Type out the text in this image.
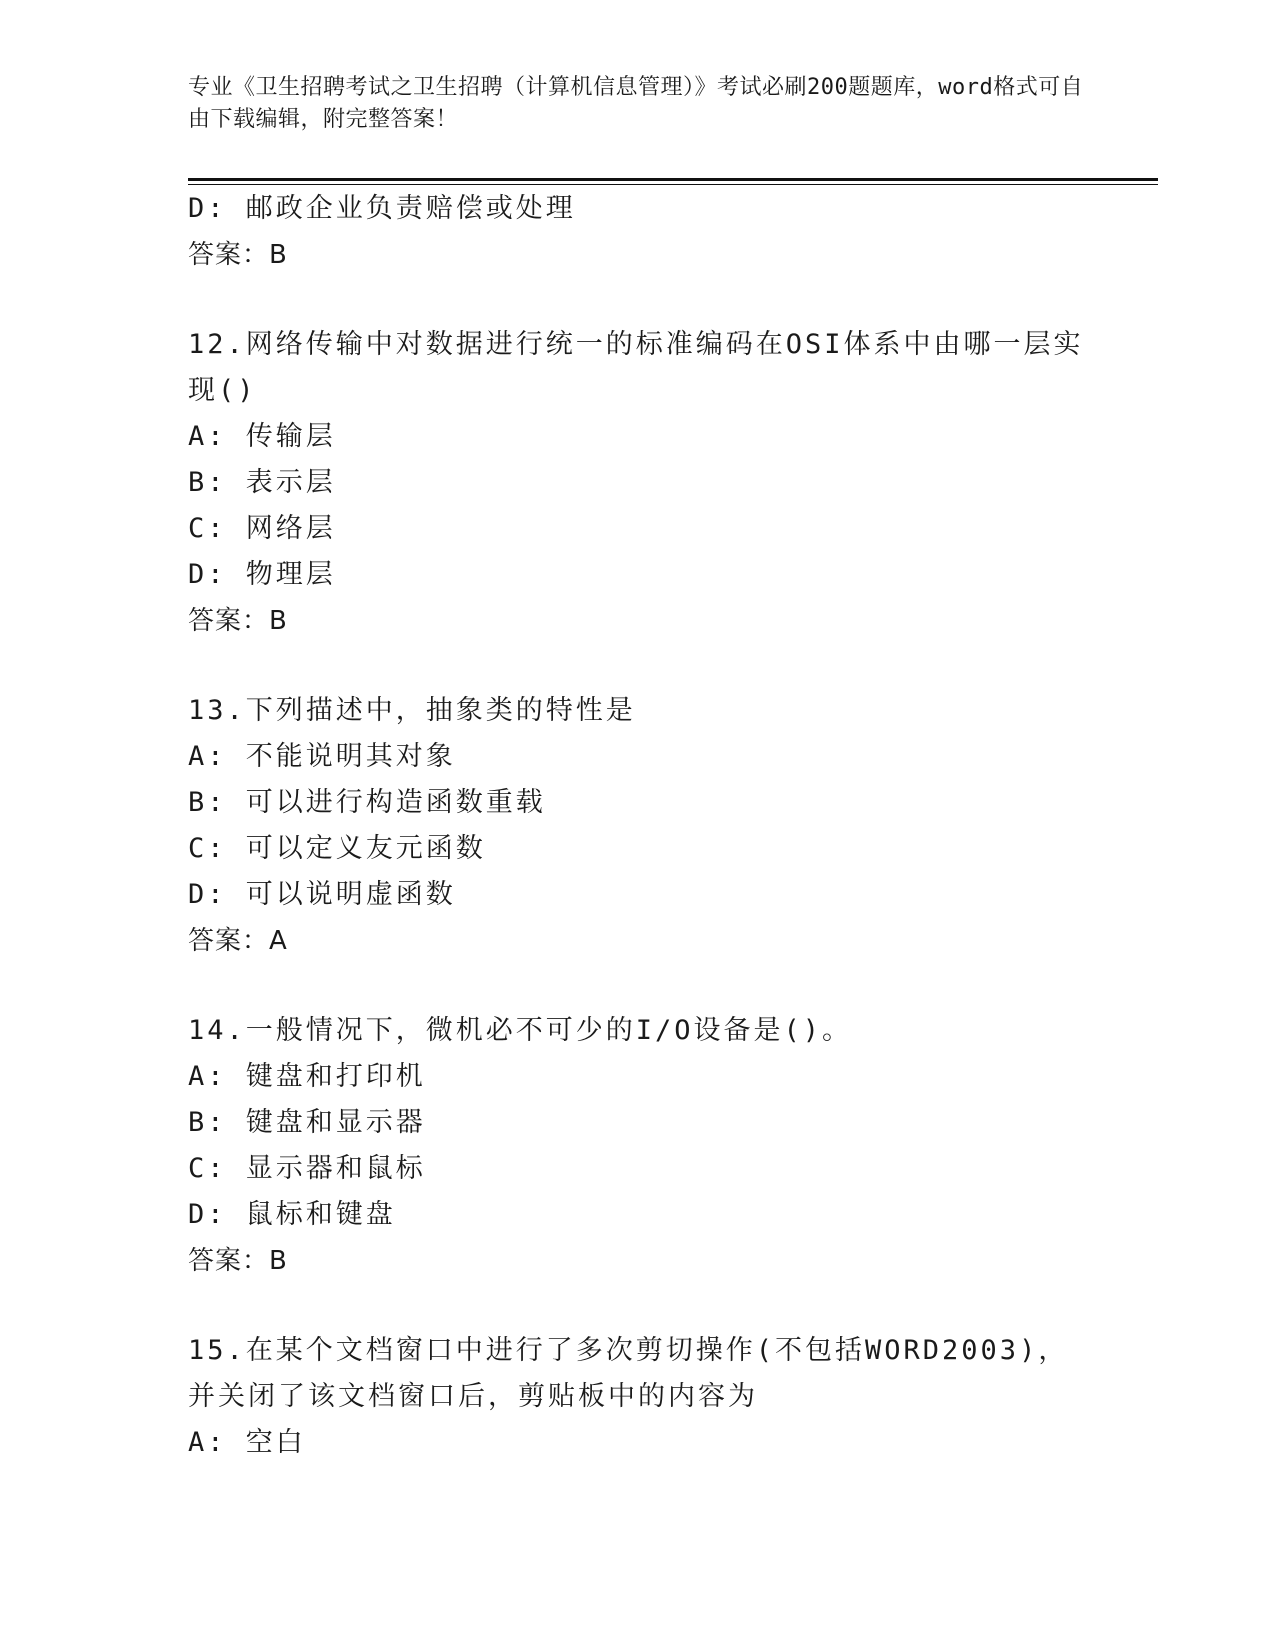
专业《卫生招聘考试之卫生招聘（计算机信息管理）》考试必刷200题题库，word格式可自由下载编辑，附完整答案！
D: 邮政企业负责赔偿或处理
答案：B
12.网络传输中对数据进行统一的标准编码在OSI体系中由哪一层实现()
A: 传输层
B: 表示层
C: 网络层
D: 物理层
答案：B
13.下列描述中，抽象类的特性是
A: 不能说明其对象
B: 可以进行构造函数重载
C: 可以定义友元函数
D: 可以说明虚函数
答案：A
14.一般情况下，微机必不可少的I/O设备是()。
A: 键盘和打印机
B: 键盘和显示器
C: 显示器和鼠标
D: 鼠标和键盘
答案：B
15.在某个文档窗口中进行了多次剪切操作(不包括WORD2003)，并关闭了该文档窗口后，剪贴板中的内容为
A: 空白
